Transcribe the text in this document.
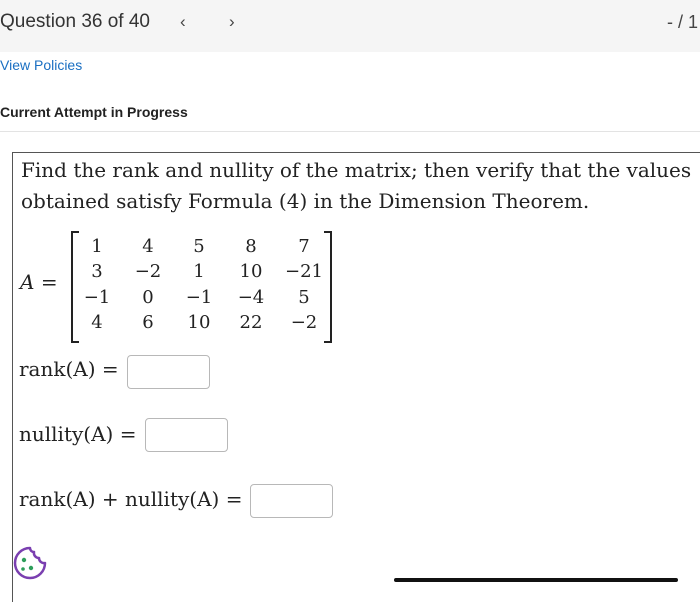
Question 36 of 40 ‹	›	- / 1
View Policies
Current Attempt in Progress
Find the rank and nullity of the matrix; then verify that the values obtained satisfy Formula (4) in the Dimension Theorem.
A =
1	4	5	8	7
3	−2	1	10	−21
−1	0	−1	−4	5
4	6	10	22	−2
rank(A) =
nullity(A) =
rank(A) + nullity(A) =
